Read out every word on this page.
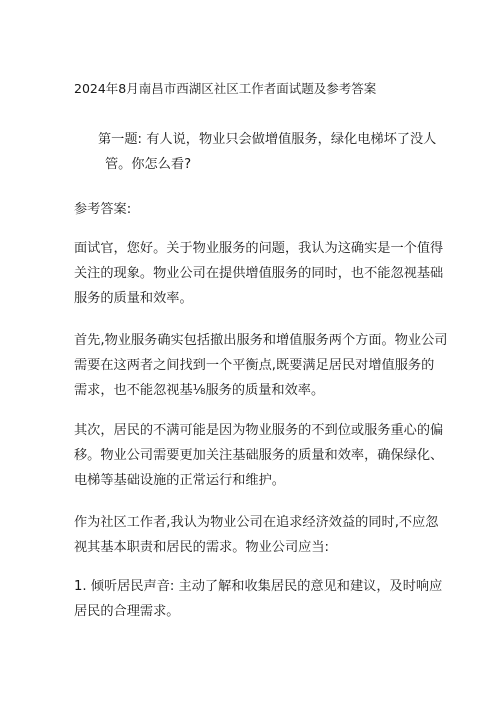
2024年8月南昌市西湖区社区工作者面试题及参考答案
第一题: 有人说，物业只会做增值服务，绿化电梯坏了没人
管。你怎么看?
参考答案:
面试官，您好。关于物业服务的问题，我认为这确实是一个值得
关注的现象。物业公司在提供增值服务的同时，也不能忽视基础
服务的质量和效率。
首先,物业服务确实包括撤出服务和增值服务两个方面。物业公司
需要在这两者之间找到一个平衡点,既要满足居民对增值服务的
需求，也不能忽视基⅛服务的质量和效率。
其次，居民的不满可能是因为物业服务的不到位或服务重心的偏
移。物业公司需要更加关注基础服务的质量和效率，确保绿化、
电梯等基础设施的正常运行和维护。
作为社区工作者,我认为物业公司在追求经济效益的同时,不应忽
视其基本职责和居民的需求。物业公司应当:
1. 倾听居民声音: 主动了解和收集居民的意见和建议，及时响应
居民的合理需求。
